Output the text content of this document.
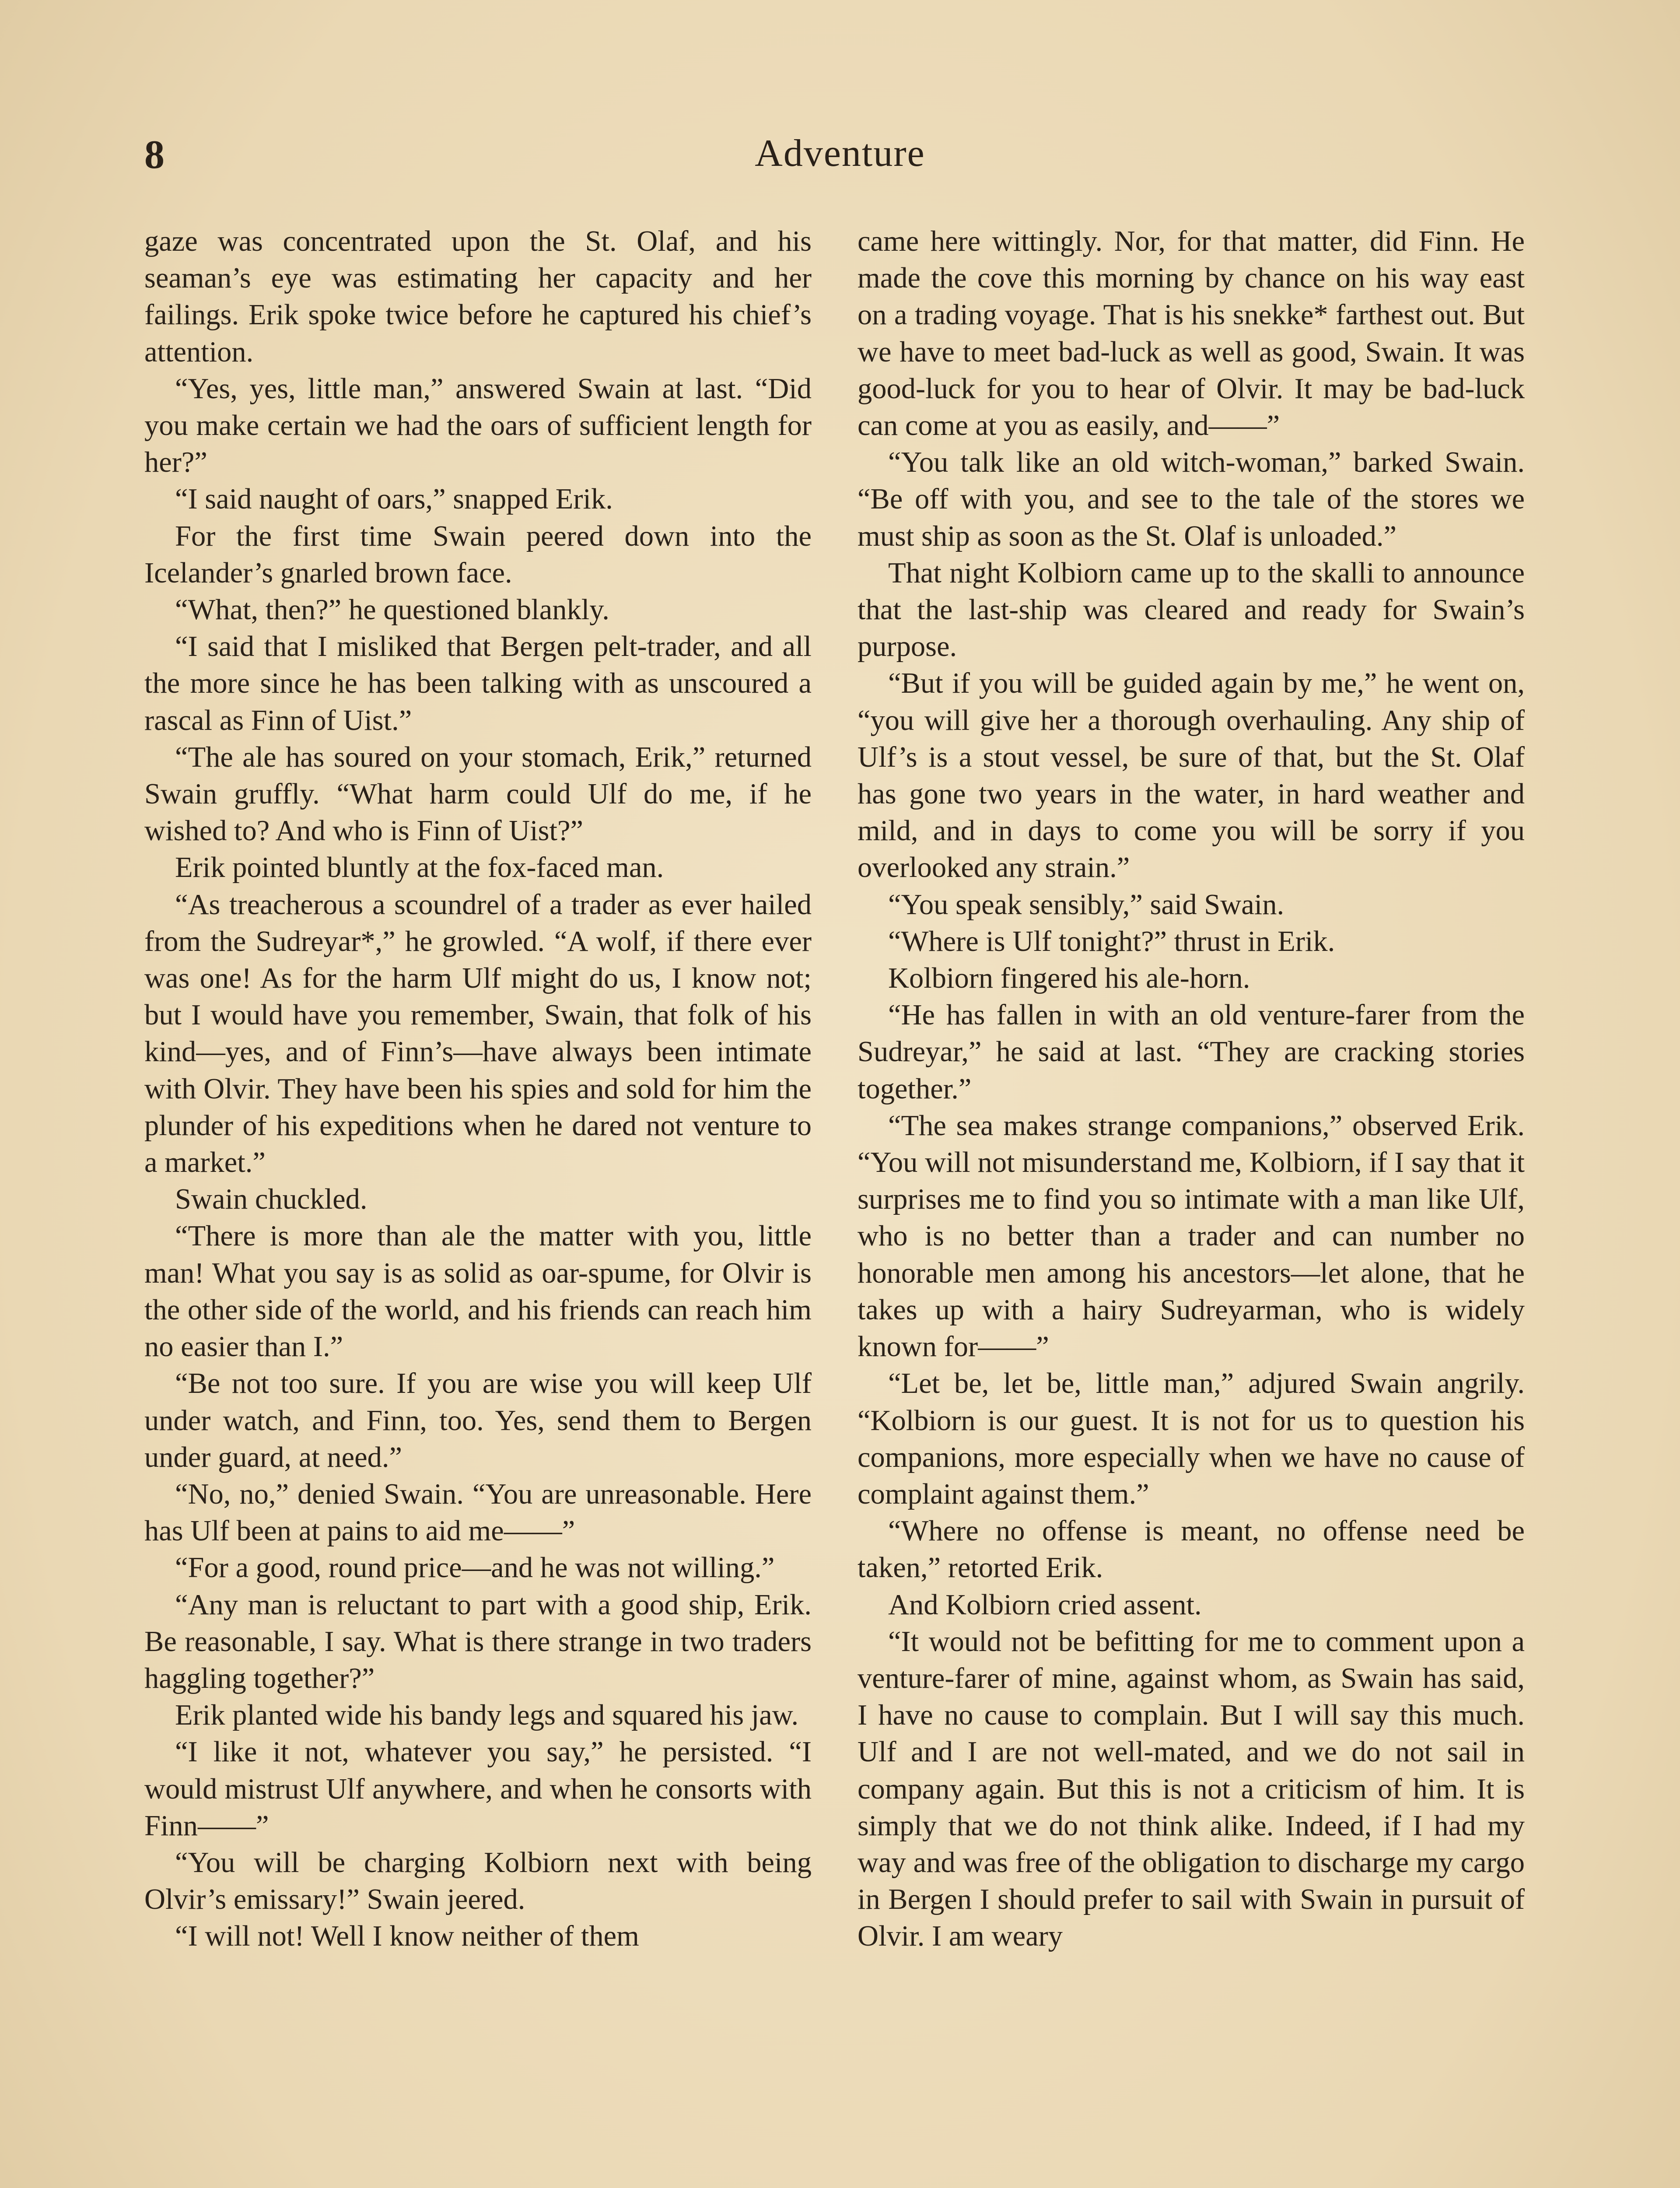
8	Adventure

gaze was concentrated upon the St. Olaf, and his seaman’s eye was estimating her capacity and her failings. Erik spoke twice before he captured his chief’s attention.

“Yes, yes, little man,” answered Swain at last. “Did you make certain we had the oars of sufficient length for her?”

“I said naught of oars,” snapped Erik.

For the first time Swain peered down into the Icelander’s gnarled brown face.

“What, then?” he questioned blankly.

“I said that I misliked that Bergen pelt-trader, and all the more since he has been talking with as unscoured a rascal as Finn of Uist.”

“The ale has soured on your stomach, Erik,” returned Swain gruffly. “What harm could Ulf do me, if he wished to? And who is Finn of Uist?”

Erik pointed bluntly at the fox-faced man.

“As treacherous a scoundrel of a trader as ever hailed from the Sudreyar*,” he growled. “A wolf, if there ever was one! As for the harm Ulf might do us, I know not; but I would have you remember, Swain, that folk of his kind—yes, and of Finn’s—have always been intimate with Olvir. They have been his spies and sold for him the plunder of his expeditions when he dared not venture to a market.”

Swain chuckled.

“There is more than ale the matter with you, little man! What you say is as solid as oar-spume, for Olvir is the other side of the world, and his friends can reach him no easier than I.”

“Be not too sure. If you are wise you will keep Ulf under watch, and Finn, too. Yes, send them to Bergen under guard, at need.”

“No, no,” denied Swain. “You are unreasonable. Here has Ulf been at pains to aid me——”

“For a good, round price—and he was not willing.”

“Any man is reluctant to part with a good ship, Erik. Be reasonable, I say. What is there strange in two traders haggling together?”

Erik planted wide his bandy legs and squared his jaw.

“I like it not, whatever you say,” he persisted. “I would mistrust Ulf anywhere, and when he consorts with Finn——”

“You will be charging Kolbiorn next with being Olvir’s emissary!” Swain jeered.

“I will not! Well I know neither of them

came here wittingly. Nor, for that matter, did Finn. He made the cove this morning by chance on his way east on a trading voyage. That is his snekke* farthest out. But we have to meet bad-luck as well as good, Swain. It was good-luck for you to hear of Olvir. It may be bad-luck can come at you as easily, and——”

“You talk like an old witch-woman,” barked Swain. “Be off with you, and see to the tale of the stores we must ship as soon as the St. Olaf is unloaded.”

That night Kolbiorn came up to the skalli to announce that the last-ship was cleared and ready for Swain’s purpose.

“But if you will be guided again by me,” he went on, “you will give her a thorough overhauling. Any ship of Ulf’s is a stout vessel, be sure of that, but the St. Olaf has gone two years in the water, in hard weather and mild, and in days to come you will be sorry if you overlooked any strain.”

“You speak sensibly,” said Swain.

“Where is Ulf tonight?” thrust in Erik.

Kolbiorn fingered his ale-horn.

“He has fallen in with an old venture-farer from the Sudreyar,” he said at last. “They are cracking stories together.”

“The sea makes strange companions,” observed Erik. “You will not misunderstand me, Kolbiorn, if I say that it surprises me to find you so intimate with a man like Ulf, who is no better than a trader and can number no honorable men among his ancestors—let alone, that he takes up with a hairy Sudreyarman, who is widely known for——”

“Let be, let be, little man,” adjured Swain angrily. “Kolbiorn is our guest. It is not for us to question his companions, more especially when we have no cause of complaint against them.”

“Where no offense is meant, no offense need be taken,” retorted Erik.

And Kolbiorn cried assent.

“It would not be befitting for me to comment upon a venture-farer of mine, against whom, as Swain has said, I have no cause to complain. But I will say this much. Ulf and I are not well-mated, and we do not sail in company again. But this is not a criticism of him. It is simply that we do not think alike. Indeed, if I had my way and was free of the obligation to discharge my cargo in Bergen I should prefer to sail with Swain in pursuit of Olvir. I am weary
